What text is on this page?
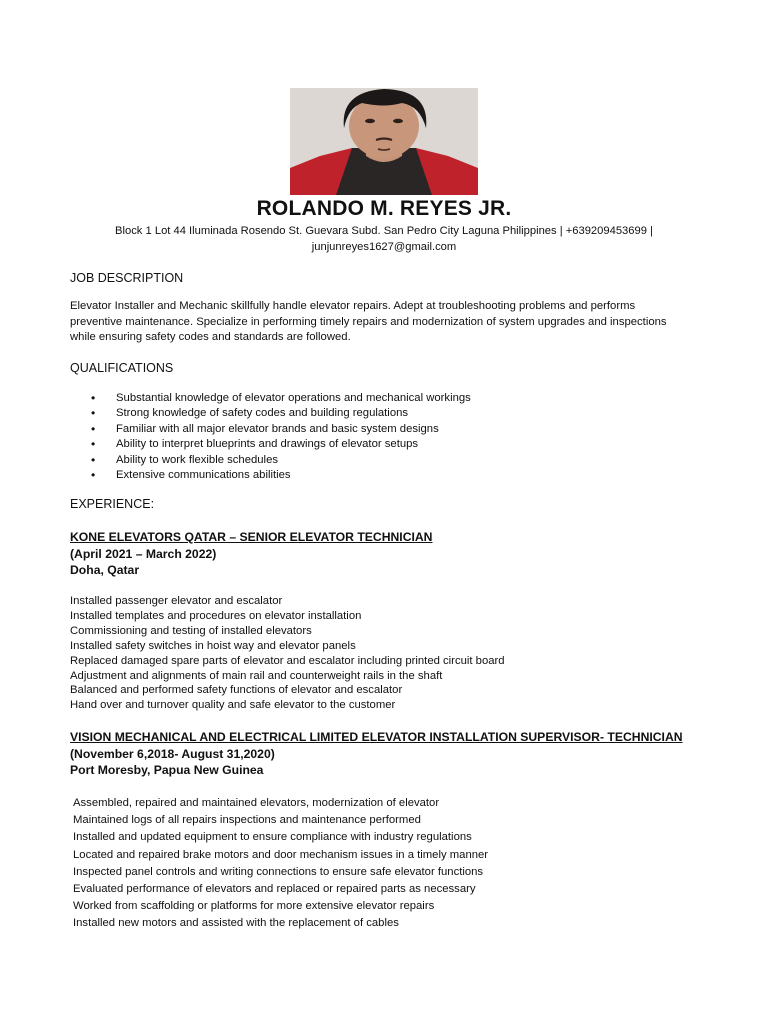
ROLANDO M. REYES JR.
Block 1 Lot 44 Iluminada Rosendo St. Guevara Subd. San Pedro City Laguna Philippines | +639209453699 |
junjunreyes1627@gmail.com
JOB DESCRIPTION
Elevator Installer and Mechanic skillfully handle elevator repairs. Adept at troubleshooting problems and performs
preventive maintenance. Specialize in performing timely repairs and modernization of system upgrades and inspections
while ensuring safety codes and standards are followed.
QUALIFICATIONS
• Substantial knowledge of elevator operations and mechanical workings
• Strong knowledge of safety codes and building regulations
• Familiar with all major elevator brands and basic system designs
• Ability to interpret blueprints and drawings of elevator setups
• Ability to work flexible schedules
• Extensive communications abilities
EXPERIENCE:
KONE ELEVATORS QATAR – SENIOR ELEVATOR TECHNICIAN
(April 2021 – March 2022)
Doha, Qatar
Installed passenger elevator and escalator
Installed templates and procedures on elevator installation
Commissioning and testing of installed elevators
Installed safety switches in hoist way and elevator panels
Replaced damaged spare parts of elevator and escalator including printed circuit board
Adjustment and alignments of main rail and counterweight rails in the shaft
Balanced and performed safety functions of elevator and escalator
Hand over and turnover quality and safe elevator to the customer
VISION MECHANICAL AND ELECTRICAL LIMITED ELEVATOR INSTALLATION SUPERVISOR- TECHNICIAN
(November 6,2018- August 31,2020)
Port Moresby, Papua New Guinea
Assembled, repaired and maintained elevators, modernization of elevator
Maintained logs of all repairs inspections and maintenance performed
Installed and updated equipment to ensure compliance with industry regulations
Located and repaired brake motors and door mechanism issues in a timely manner
Inspected panel controls and writing connections to ensure safe elevator functions
Evaluated performance of elevators and replaced or repaired parts as necessary
Worked from scaffolding or platforms for more extensive elevator repairs
Installed new motors and assisted with the replacement of cables
